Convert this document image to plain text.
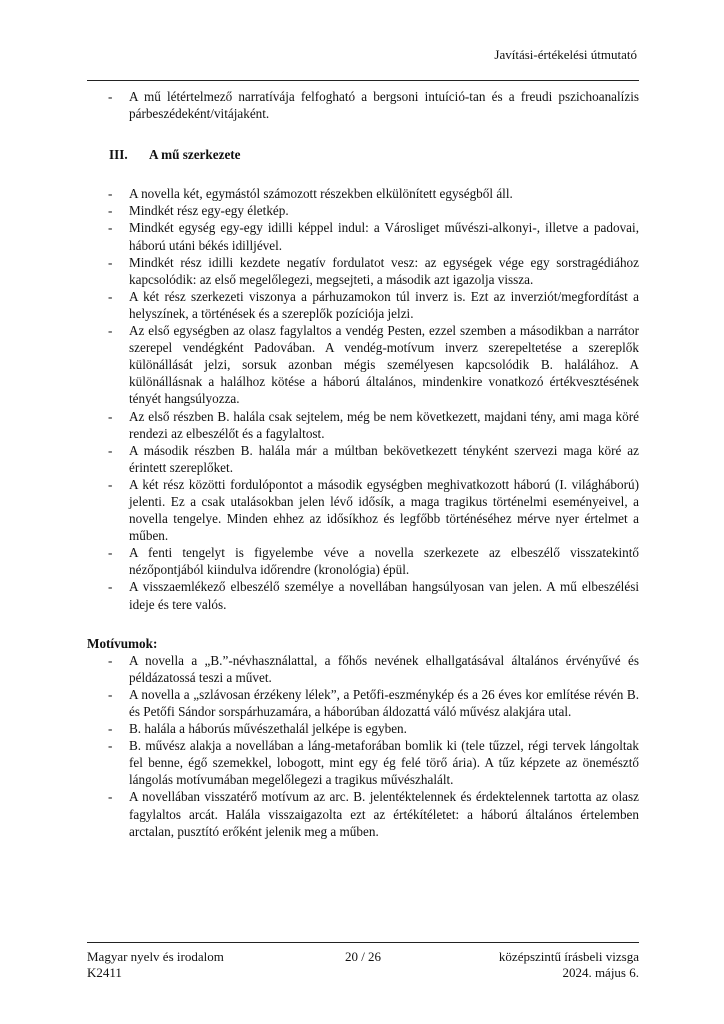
Javítási-értékelési útmutató
- A mű létértelmező narratívája felfogható a bergsoni intuíció-tan és a freudi pszichoanalízis párbeszédeként/vitájaként.
III. A mű szerkezete
- A novella két, egymástól számozott részekben elkülönített egységből áll.
- Mindkét rész egy-egy életkép.
- Mindkét egység egy-egy idilli képpel indul: a Városliget művészi-alkonyi-, illetve a padovai, háború utáni békés idilljével.
- Mindkét rész idilli kezdete negatív fordulatot vesz: az egységek vége egy sorstragédiához kapcsolódik: az első megelőlegezi, megsejteti, a második azt igazolja vissza.
- A két rész szerkezeti viszonya a párhuzamokon túl inverz is. Ezt az inverziót/megfordítást a helyszínek, a történések és a szereplők pozíciója jelzi.
- Az első egységben az olasz fagylaltos a vendég Pesten, ezzel szemben a másodikban a narrátor szerepel vendégként Padovában. A vendég-motívum inverz szerepeltetése a szereplők különállását jelzi, sorsuk azonban mégis személyesen kapcsolódik B. halálához. A különállásnak a halálhoz kötése a háború általános, mindenkire vonatkozó értékvesztésének tényét hangsúlyozza.
- Az első részben B. halála csak sejtelem, még be nem következett, majdani tény, ami maga köré rendezi az elbeszélőt és a fagylaltost.
- A második részben B. halála már a múltban bekövetkezett tényként szervezi maga köré az érintett szereplőket.
- A két rész közötti fordulópontot a második egységben meghivatkozott háború (I. világháború) jelenti. Ez a csak utalásokban jelen lévő idősík, a maga tragikus történelmi eseményeivel, a novella tengelye. Minden ehhez az idősíkhoz és legfőbb történéséhez mérve nyer értelmet a műben.
- A fenti tengelyt is figyelembe véve a novella szerkezete az elbeszélő visszatekintő nézőpontjából kiindulva időrendre (kronológia) épül.
- A visszaemlékező elbeszélő személye a novellában hangsúlyosan van jelen. A mű elbeszélési ideje és tere valós.
Motívumok:
- A novella a „B.”-névhasználattal, a főhős nevének elhallgatásával általános érvényűvé és példázatossá teszi a művet.
- A novella a „szlávosan érzékeny lélek”, a Petőfi-eszménykép és a 26 éves kor említése révén B. és Petőfi Sándor sorspárhuzamára, a háborúban áldozattá váló művész alakjára utal.
- B. halála a háborús művészethalál jelképe is egyben.
- B. művész alakja a novellában a láng-metaforában bomlik ki (tele tűzzel, régi tervek lángoltak fel benne, égő szemekkel, lobogott, mint egy ég felé törő ária). A tűz képzete az önemésztő lángolás motívumában megelőlegezi a tragikus művészhalált.
- A novellában visszatérő motívum az arc. B. jelentéktelennek és érdektelennek tartotta az olasz fagylaltos arcát. Halála visszaigazolta ezt az értékítéletet: a háború általános értelemben arctalan, pusztító erőként jelenik meg a műben.
Magyar nyelv és irodalom	20 / 26	középszintű írásbeli vizsga
K2411	2024. május 6.
